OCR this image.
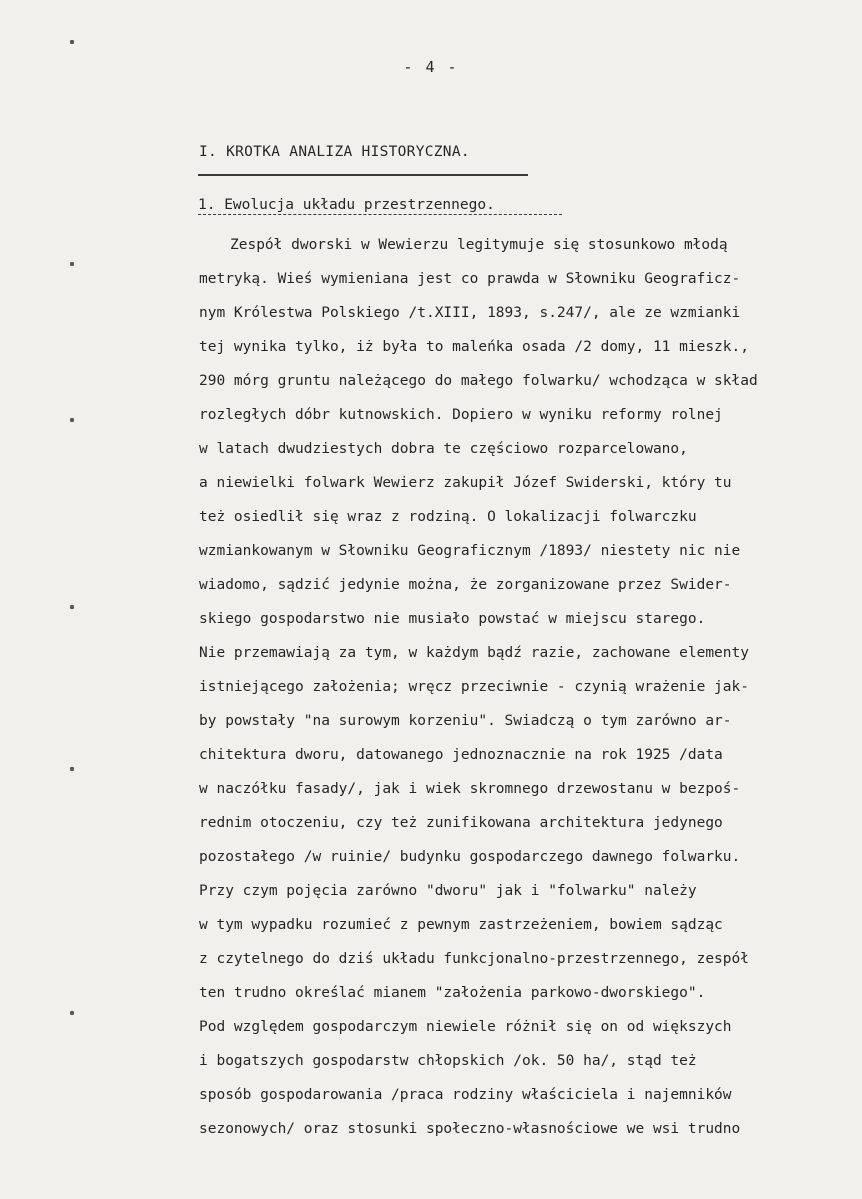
- 4 -
I. KROTKA ANALIZA HISTORYCZNA.
1. Ewolucja układu przestrzennego.
Zespół dworski w Wewierzu legitymuje się stosunkowo młodą
metryką. Wieś wymieniana jest co prawda w Słowniku Geograficz-
nym Królestwa Polskiego /t.XIII, 1893, s.247/, ale ze wzmianki
tej wynika tylko, iż była to maleńka osada /2 domy, 11 mieszk.,
290 mórg gruntu należącego do małego folwarku/ wchodząca w skład
rozległych dóbr kutnowskich. Dopiero w wyniku reformy rolnej
w latach dwudziestych dobra te częściowo rozparcelowano,
a niewielki folwark Wewierz zakupił Józef Swiderski, który tu
też osiedlił się wraz z rodziną. O lokalizacji folwarczku
wzmiankowanym w Słowniku Geograficznym /1893/ niestety nic nie
wiadomo, sądzić jedynie można, że zorganizowane przez Swider-
skiego gospodarstwo nie musiało powstać w miejscu starego.
Nie przemawiają za tym, w każdym bądź razie, zachowane elementy
istniejącego założenia; wręcz przeciwnie - czynią wrażenie jak-
by powstały "na surowym korzeniu". Swiadczą o tym zarówno ar-
chitektura dworu, datowanego jednoznacznie na rok 1925 /data
w naczółku fasady/, jak i wiek skromnego drzewostanu w bezpoś-
rednim otoczeniu, czy też zunifikowana architektura jedynego
pozostałego /w ruinie/ budynku gospodarczego dawnego folwarku.
Przy czym pojęcia zarówno "dworu" jak i "folwarku" należy
w tym wypadku rozumieć z pewnym zastrzeżeniem, bowiem sądząc
z czytelnego do dziś układu funkcjonalno-przestrzennego, zespół
ten trudno określać mianem "założenia parkowo-dworskiego".
Pod względem gospodarczym niewiele różnił się on od większych
i bogatszych gospodarstw chłopskich /ok. 50 ha/, stąd też
sposób gospodarowania /praca rodziny właściciela i najemników
sezonowych/ oraz stosunki społeczno-własnościowe we wsi trudno
